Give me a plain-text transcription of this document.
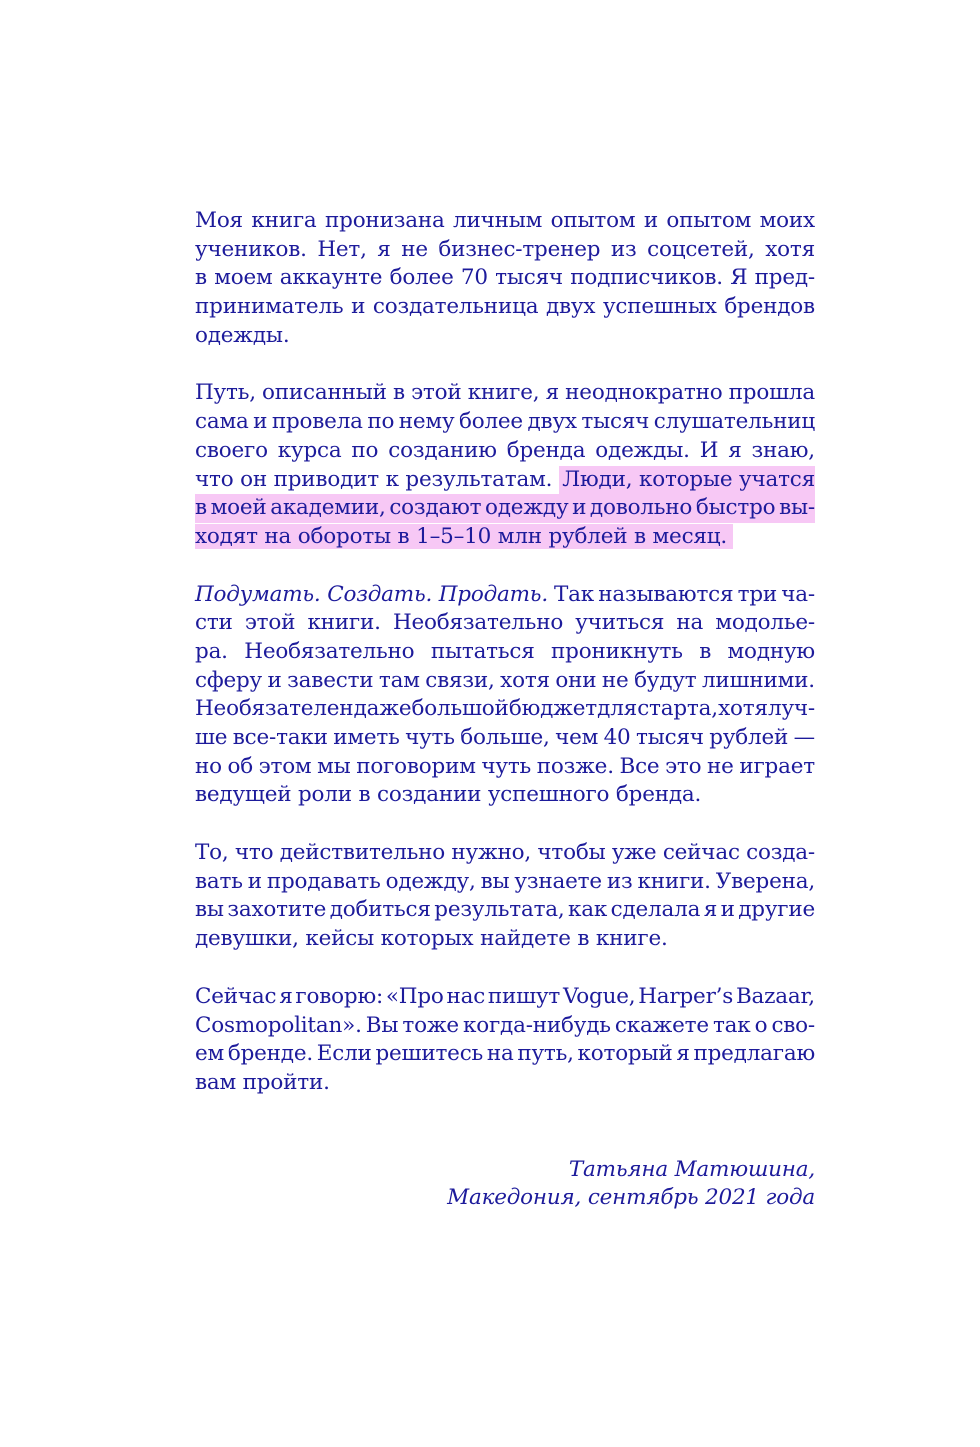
Моя книга пронизана личным опытом и опытом моих
учеников. Нет, я не бизнес-тренер из соцсетей, хотя
в моем аккаунте более 70 тысяч подписчиков. Я пред-
приниматель и создательница двух успешных брендов
одежды.
Путь, описанный в этой книге, я неоднократно прошла
сама и провела по нему более двух тысяч слушательниц
своего курса по созданию бренда одежды. И я знаю,
что он приводит к результатам. Люди, которые учатся
в моей академии, создают одежду и довольно быстро вы-
ходят на обороты в 1–5–10 млн рублей в месяц.
Подумать. Создать. Продать. Так называются три ча-
сти этой книги. Необязательно учиться на модолье-
ра. Необязательно пытаться проникнуть в модную
сферу и завести там связи, хотя они не будут лишними.
Необязателен даже большой бюджет для старта, хотя луч-
ше все-таки иметь чуть больше, чем 40 тысяч рублей —
но об этом мы поговорим чуть позже. Все это не играет
ведущей роли в создании успешного бренда.
То, что действительно нужно, чтобы уже сейчас созда-
вать и продавать одежду, вы узнаете из книги. Уверена,
вы захотите добиться результата, как сделала я и другие
девушки, кейсы которых найдете в книге.
Сейчас я говорю: «Про нас пишут Vogue, Harper’s Bazaar,
Cosmopolitan». Вы тоже когда-нибудь скажете так о сво-
ем бренде. Если решитесь на путь, который я предлагаю
вам пройти.
Татьяна Матюшина,
Македония, сентябрь 2021 года
